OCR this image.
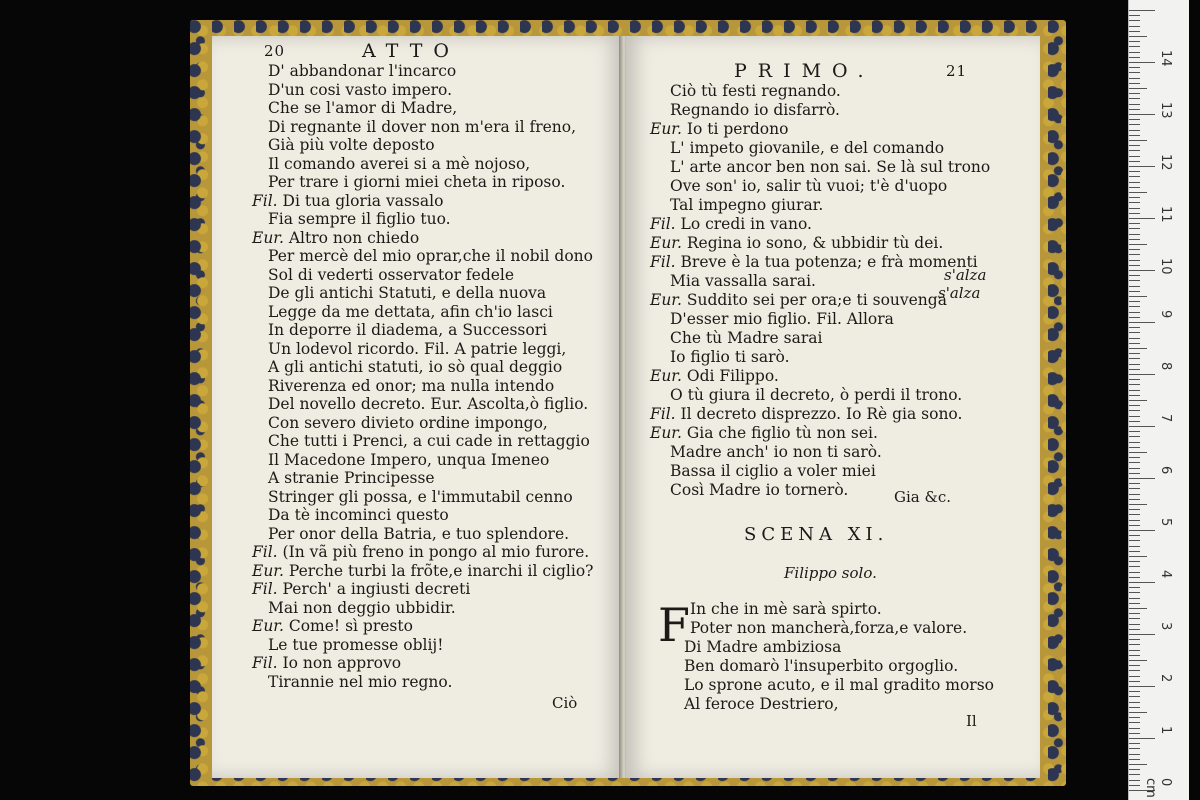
20	ATTO
D' abbandonar l'incarco
D'un cosi vasto impero.
Che se l'amor di Madre,
Di regnante il dover non m'era il freno,
Già più volte deposto
Il comando averei si a mè nojoso,
Per trare i giorni miei cheta in riposo.
Fil. Di tua gloria vassalo
Fia sempre il figlio tuo.
Eur. Altro non chiedo
Per mercè del mio oprar,che il nobil dono
Sol di vederti osservator fedele
De gli antichi Statuti, e della nuova
Legge da me dettata, afin ch'io lasci
In deporre il diadema, a Successori
Un lodevol ricordo. Fil. A patrie leggi,
A gli antichi statuti, io sò qual deggio
Riverenza ed onor; ma nulla intendo
Del novello decreto. Eur. Ascolta,ò figlio.
Con severo divieto ordine impongo,
Che tutti i Prenci, a cui cade in rettaggio
Il Macedone Impero, unqua Imeneo
A stranie Principesse
Stringer gli possa, e l'immutabil cenno
Da tè incominci questo
Per onor della Batria, e tuo splendore.
Fil. (In vã più freno in pongo al mio furore.
Eur. Perche turbi la frõte,e inarchi il ciglio?
Fil. Perch' a ingiusti decreti
Mai non deggio ubbidir.
Eur. Come! sì presto
Le tue promesse oblij!
Fil. Io non approvo
Tirannie nel mio regno.
Ciò
PRIMO.	21
Ciò tù festi regnando.
Regnando io disfarrò.
Eur. Io ti perdono
L' impeto giovanile, e del comando
L' arte ancor ben non sai. Se là sul trono
Ove son' io, salir tù vuoi; t'è d'uopo
Tal impegno giurar.
Fil. Lo credi in vano.
Eur. Regina io sono, & ubbidir tù dei.
Fil. Breve è la tua potenza; e frà momenti
Mia vassalla sarai.
Eur. Suddito sei per ora;e ti souvenga
D'esser mio figlio. Fil. Allora
Che tù Madre sarai
Io figlio ti sarò.
Eur. Odi Filippo.
O tù giura il decreto, ò perdi il trono.
Fil. Il decreto disprezzo. Io Rè gia sono.
Eur. Gia che figlio tù non sei.
Madre anch' io non ti sarò.
Bassa il ciglio a voler miei
Così Madre io tornerò.
s'alza
s'alza
Gia &c.
SCENA XI.
Filippo solo.
F In che in mè sarà spirto.
Poter non mancherà,forza,e valore.
Di Madre ambiziosa
Ben domarò l'insuperbito orgoglio.
Lo sprone acuto, e il mal gradito morso
Al feroce Destriero,
Il
14
13
12
11
10
9
8
7
6
5
4
3
2
1
0 cm
